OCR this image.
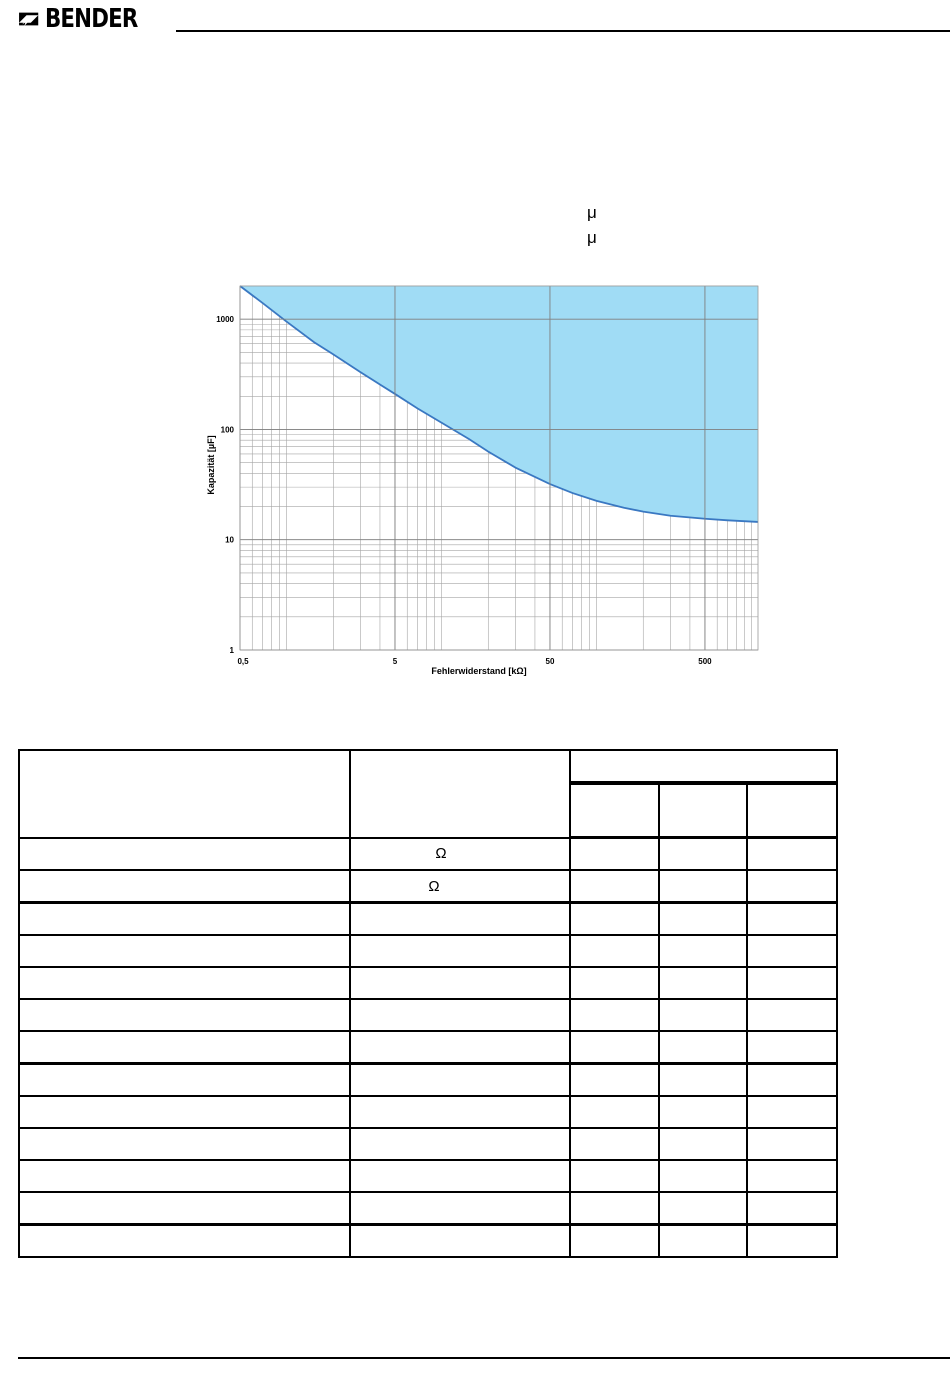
BENDER
μ
μ
0,5	5	50	500
1
10
100
1000
Fehlerwiderstand [kΩ]
Kapazität [µF]

	Ω			
	Ω			
